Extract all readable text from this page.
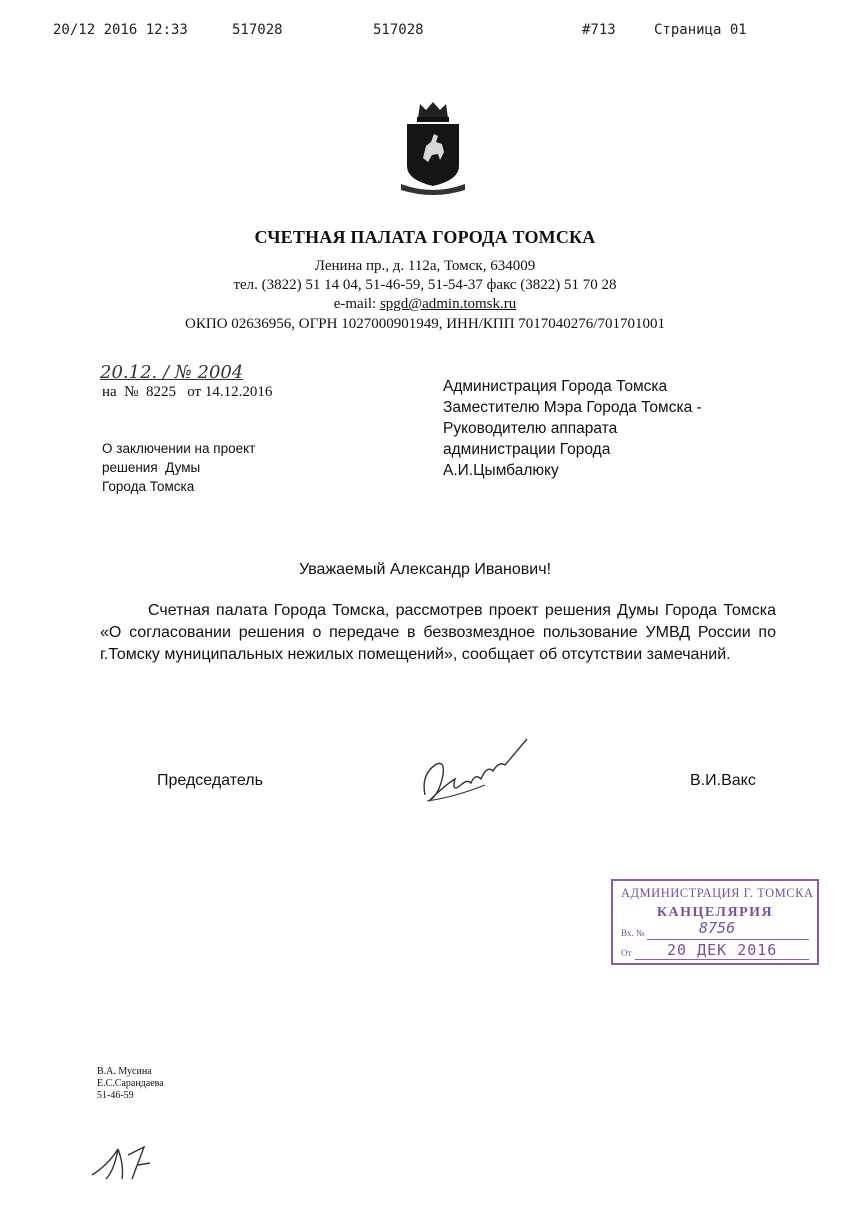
20/12 2016 12:33	517028	517028	#713	Страница 01
СЧЕТНАЯ ПАЛАТА ГОРОДА ТОМСКА
Ленина пр., д. 112а, Томск, 634009
тел. (3822) 51 14 04, 51-46-59, 51-54-37 факс (3822) 51 70 28
e-mail: spgd@admin.tomsk.ru
ОКПО 02636956, ОГРН 1027000901949, ИНН/КПП 7017040276/701701001
20.12. / № 2004
на  №  8225   от 14.12.2016	Администрация Города Томска
Заместителю Мэра Города Томска -
Руководителю аппарата
администрации Города
А.И.Цымбалюку
О заключении на проект
решения  Думы
Города Томска
Уважаемый Александр Иванович!

Счетная палата Города Томска, рассмотрев проект решения Думы Города Томска «О согласовании решения о передаче в безвозмездное пользование УМВД России по г.Томску муниципальных нежилых помещений», сообщает об отсутствии замечаний.

Председатель	В.И.Вакс
АДМИНИСТРАЦИЯ Г. ТОМСКА
КАНЦЕЛЯРИЯ
Вх. №	8756
От 20 ДЕК 2016
В.А. Мусина
Е.С.Сарандаева
51-46-59
